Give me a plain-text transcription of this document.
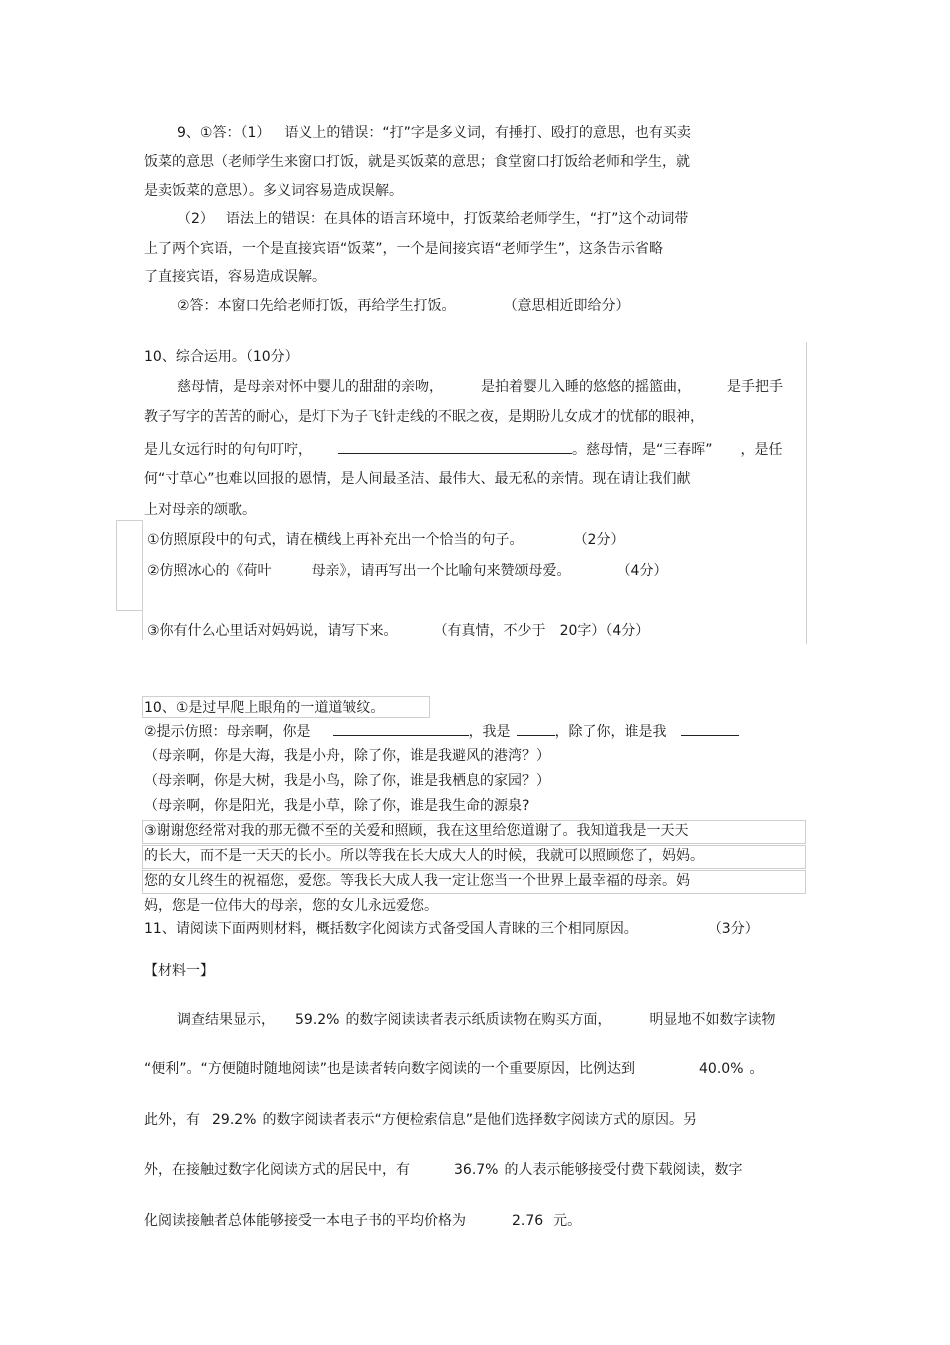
9、①答：（1） 语义上的错误：“打”字是多义词，有捶打、殴打的意思，也有买卖
饭菜的意思（老师学生来窗口打饭，就是买饭菜的意思；食堂窗口打饭给老师和学生，就
是卖饭菜的意思）。多义词容易造成误解。
（2） 语法上的错误：在具体的语言环境中，打饭菜给老师学生，“打”这个动词带
上了两个宾语，一个是直接宾语“饭菜”，一个是间接宾语“老师学生”，这条告示省略
了直接宾语，容易造成误解。
②答：本窗口先给老师打饭，再给学生打饭。	（意思相近即给分）
10、综合运用。（10分）
慈母情，是母亲对怀中婴儿的甜甜的亲吻，	是拍着婴儿入睡的悠悠的摇篮曲，	是手把手
教子写字的苦苦的耐心，是灯下为子飞针走线的不眠之夜，是期盼儿女成才的忧郁的眼神，
是儿女远行时的句句叮咛，	。慈母情，是“三春晖” ，是任
何“寸草心”也难以回报的恩情，是人间最圣洁、最伟大、最无私的亲情。现在请让我们献
上对母亲的颂歌。
①仿照原段中的句式，请在横线上再补充出一个恰当的句子。	（2分）
②仿照冰心的《荷叶	母亲》，请再写出一个比喻句来赞颂母爱。	（4分）
③你有什么心里话对妈妈说，请写下来。	（有真情，不少于 20字）（4分）
10、①是过早爬上眼角的一道道皱纹。
②提示仿照：母亲啊，你是	，我是	，除了你，谁是我
（母亲啊，你是大海，我是小舟，除了你，谁是我避风的港湾？）
（母亲啊，你是大树，我是小鸟，除了你，谁是我栖息的家园？）
（母亲啊，你是阳光，我是小草，除了你，谁是我生命的源泉?
③谢谢您经常对我的那无微不至的关爱和照顾，我在这里给您道谢了。我知道我是一天天
的长大，而不是一天天的长小。所以等我在长大成大人的时候，我就可以照顾您了，妈妈。
您的女儿终生的祝福您，爱您。等我长大成人我一定让您当一个世界上最幸福的母亲。妈
妈，您是一位伟大的母亲，您的女儿永远爱您。
11、请阅读下面两则材料，概括数字化阅读方式备受国人青睐的三个相同原因。	（3分）
【材料一】
调查结果显示， 59.2% 的数字阅读读者表示纸质读物在购买方面，	明显地不如数字读物
“便利”。“方便随时随地阅读”也是读者转向数字阅读的一个重要原因，比例达到	40.0% 。
此外，有 29.2% 的数字阅读者表示“方便检索信息”是他们选择数字阅读方式的原因。另
外，在接触过数字化阅读方式的居民中，有	36.7% 的人表示能够接受付费下载阅读，数字
化阅读接触者总体能够接受一本电子书的平均价格为	2.76 元。
